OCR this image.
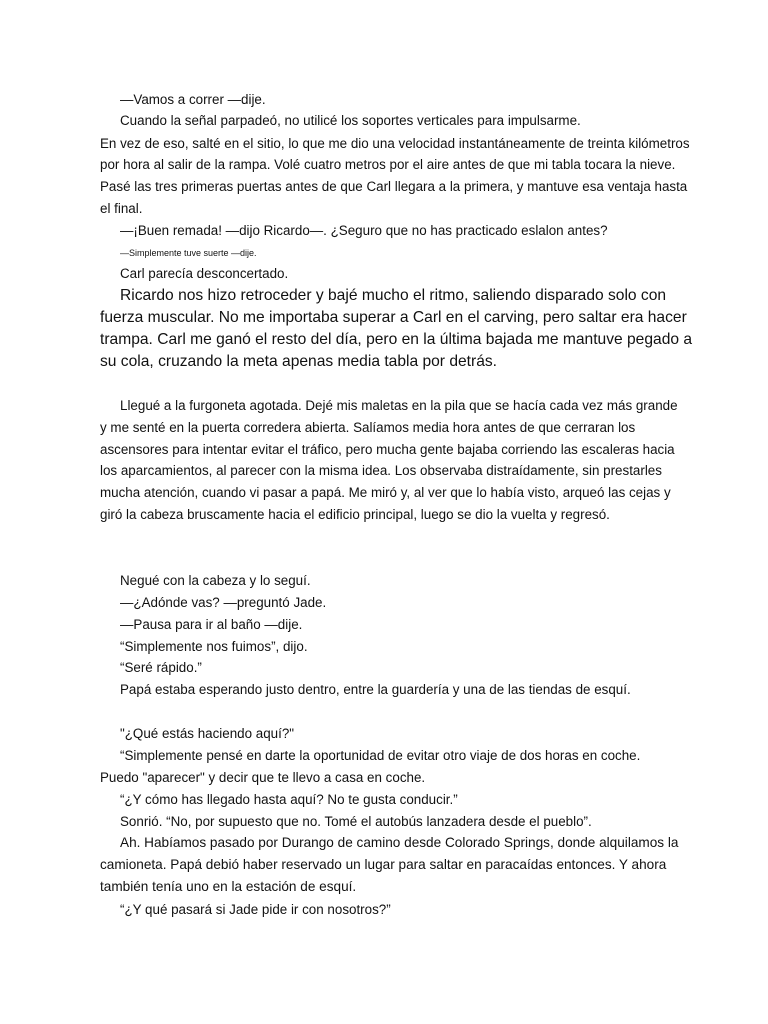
—Vamos a correr —dije.

Cuando la señal parpadeó, no utilicé los soportes verticales para impulsarme.

En vez de eso, salté en el sitio, lo que me dio una velocidad instantáneamente de treinta kilómetros

por hora al salir de la rampa. Volé cuatro metros por el aire antes de que mi tabla tocara la nieve.

Pasé las tres primeras puertas antes de que Carl llegara a la primera, y mantuve esa ventaja hasta

el final.

—¡Buen remada! —dijo Ricardo—. ¿Seguro que no has practicado eslalon antes?

—Simplemente tuve suerte —dije.

Carl parecía desconcertado.

Ricardo nos hizo retroceder y bajé mucho el ritmo, saliendo disparado solo con

fuerza muscular. No me importaba superar a Carl en el carving, pero saltar era hacer

trampa. Carl me ganó el resto del día, pero en la última bajada me mantuve pegado a

su cola, cruzando la meta apenas media tabla por detrás.

Llegué a la furgoneta agotada. Dejé mis maletas en la pila que se hacía cada vez más grande

y me senté en la puerta corredera abierta. Salíamos media hora antes de que cerraran los

ascensores para intentar evitar el tráfico, pero mucha gente bajaba corriendo las escaleras hacia

los aparcamientos, al parecer con la misma idea. Los observaba distraídamente, sin prestarles

mucha atención, cuando vi pasar a papá. Me miró y, al ver que lo había visto, arqueó las cejas y

giró la cabeza bruscamente hacia el edificio principal, luego se dio la vuelta y regresó.

Negué con la cabeza y lo seguí.

—¿Adónde vas? —preguntó Jade.

—Pausa para ir al baño —dije.

“Simplemente nos fuimos”, dijo.

“Seré rápido.”

Papá estaba esperando justo dentro, entre la guardería y una de las tiendas de esquí.

"¿Qué estás haciendo aquí?"

“Simplemente pensé en darte la oportunidad de evitar otro viaje de dos horas en coche.

Puedo "aparecer" y decir que te llevo a casa en coche.

“¿Y cómo has llegado hasta aquí? No te gusta conducir.”

Sonrió. “No, por supuesto que no. Tomé el autobús lanzadera desde el pueblo”.

Ah. Habíamos pasado por Durango de camino desde Colorado Springs, donde alquilamos la

camioneta. Papá debió haber reservado un lugar para saltar en paracaídas entonces. Y ahora

también tenía uno en la estación de esquí.

“¿Y qué pasará si Jade pide ir con nosotros?”
